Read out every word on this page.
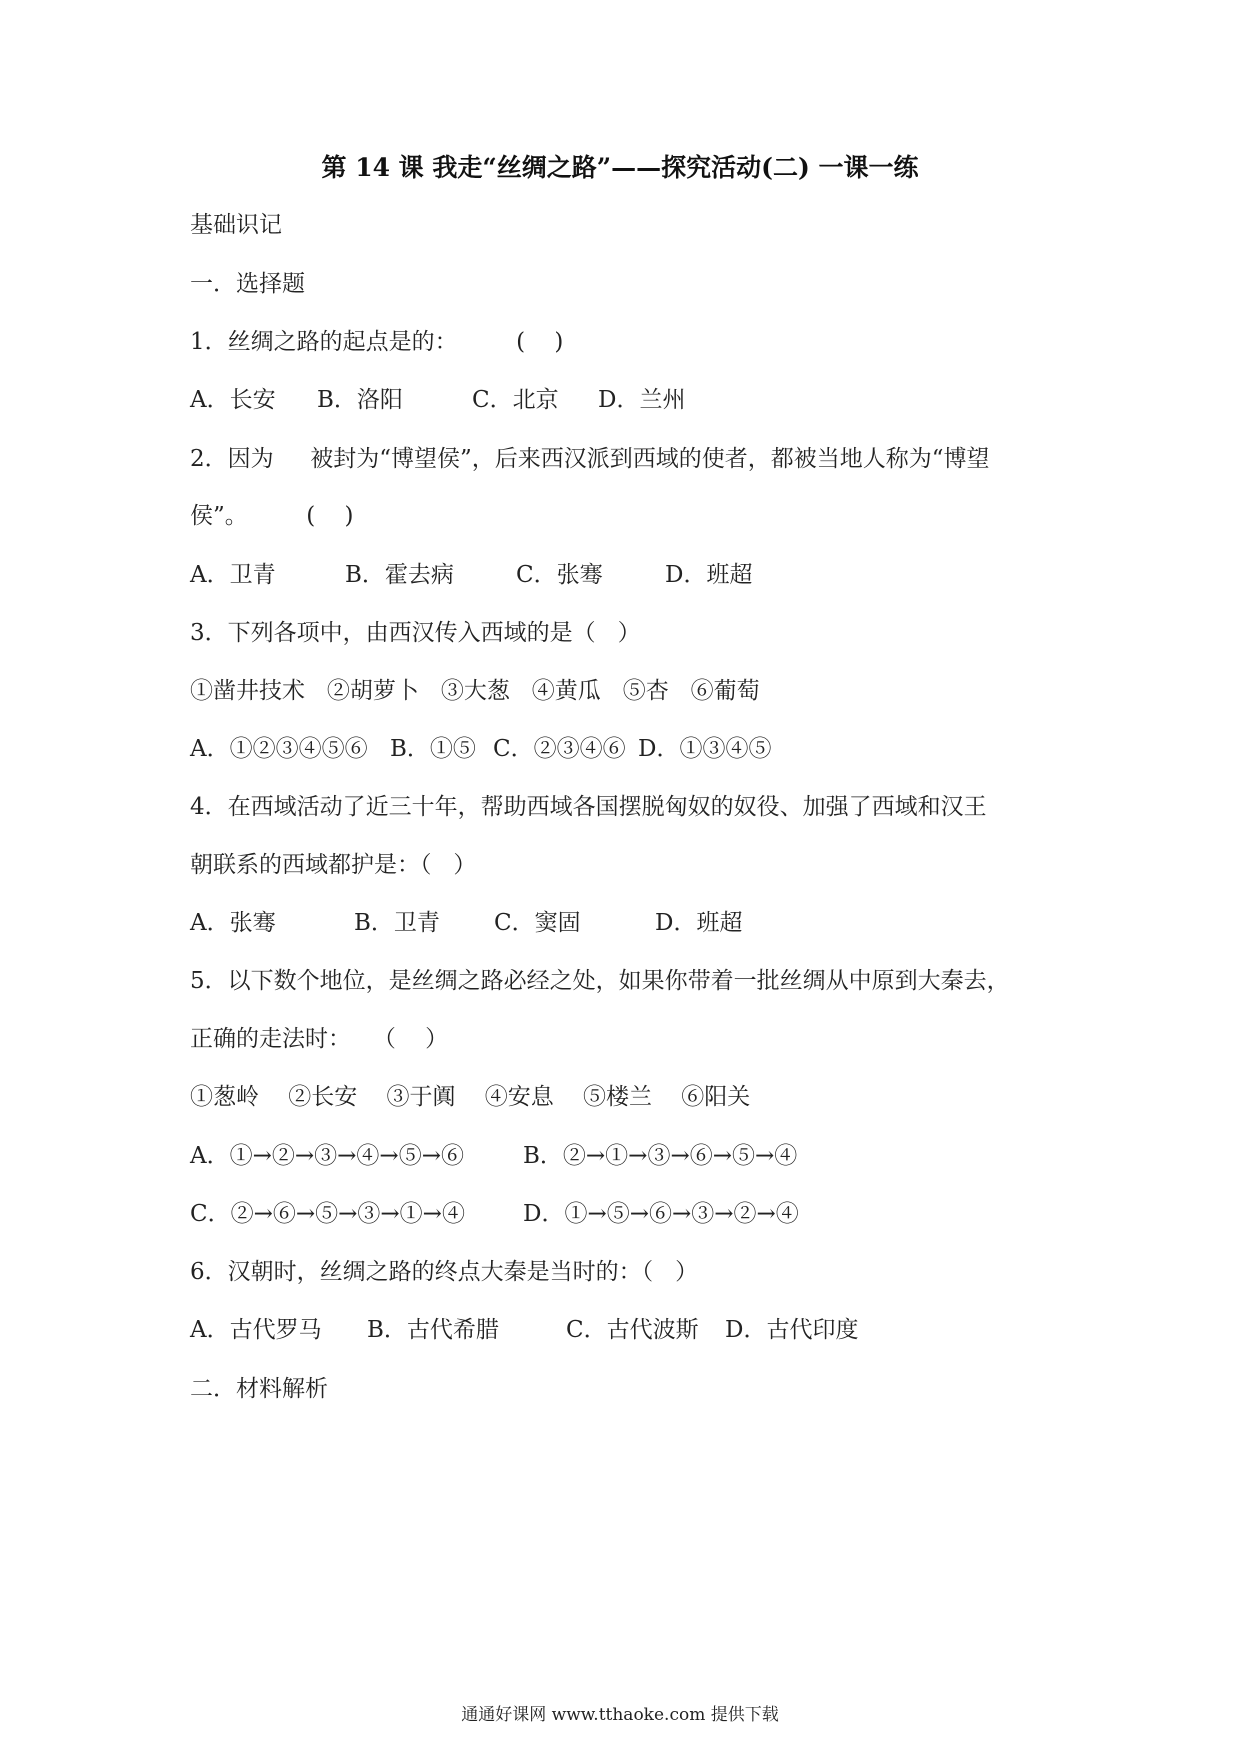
第 14 课 我走“丝绸之路”——探究活动(二) 一课一练
基础识记
一．选择题
1．丝绸之路的起点是的：        (    )

A．长安

B．洛阳

	C．北京

D．兰州

2．因为     被封为“博望侯”，后来西汉派到西域的使者，都被当地人称为“博望
侯”。        (    )

A．卫青

	B．霍去病

	C．张骞

	D．班超

3．下列各项中，由西汉传入西域的是（   ）
①凿井技术   ②胡萝卜   ③大葱   ④黄瓜   ⑤杏   ⑥葡萄

A．①②③④⑤⑥

B．①⑤

C．②③④⑥

D．①③④⑤

4．在西域活动了近三十年，帮助西域各国摆脱匈奴的奴役、加强了西域和汉王
朝联系的西域都护是：（   ）

A．张骞

	B．卫青

C．窦固

	D．班超

5．以下数个地位，是丝绸之路必经之处，如果你带着一批丝绸从中原到大秦去，
正确的走法时：   （    ）
①葱岭    ②长安    ③于阗    ④安息    ⑤楼兰    ⑥阳关

A．①→②→③→④→⑤→⑥

	B．②→①→③→⑥→⑤→④

C．②→⑥→⑤→③→①→④

	D．①→⑤→⑥→③→②→④

6．汉朝时，丝绸之路的终点大秦是当时的：（   ）

A．古代罗马

B．古代希腊

	C．古代波斯

D．古代印度

二．材料解析
通通好课网 www.tthaoke.com 提供下载
